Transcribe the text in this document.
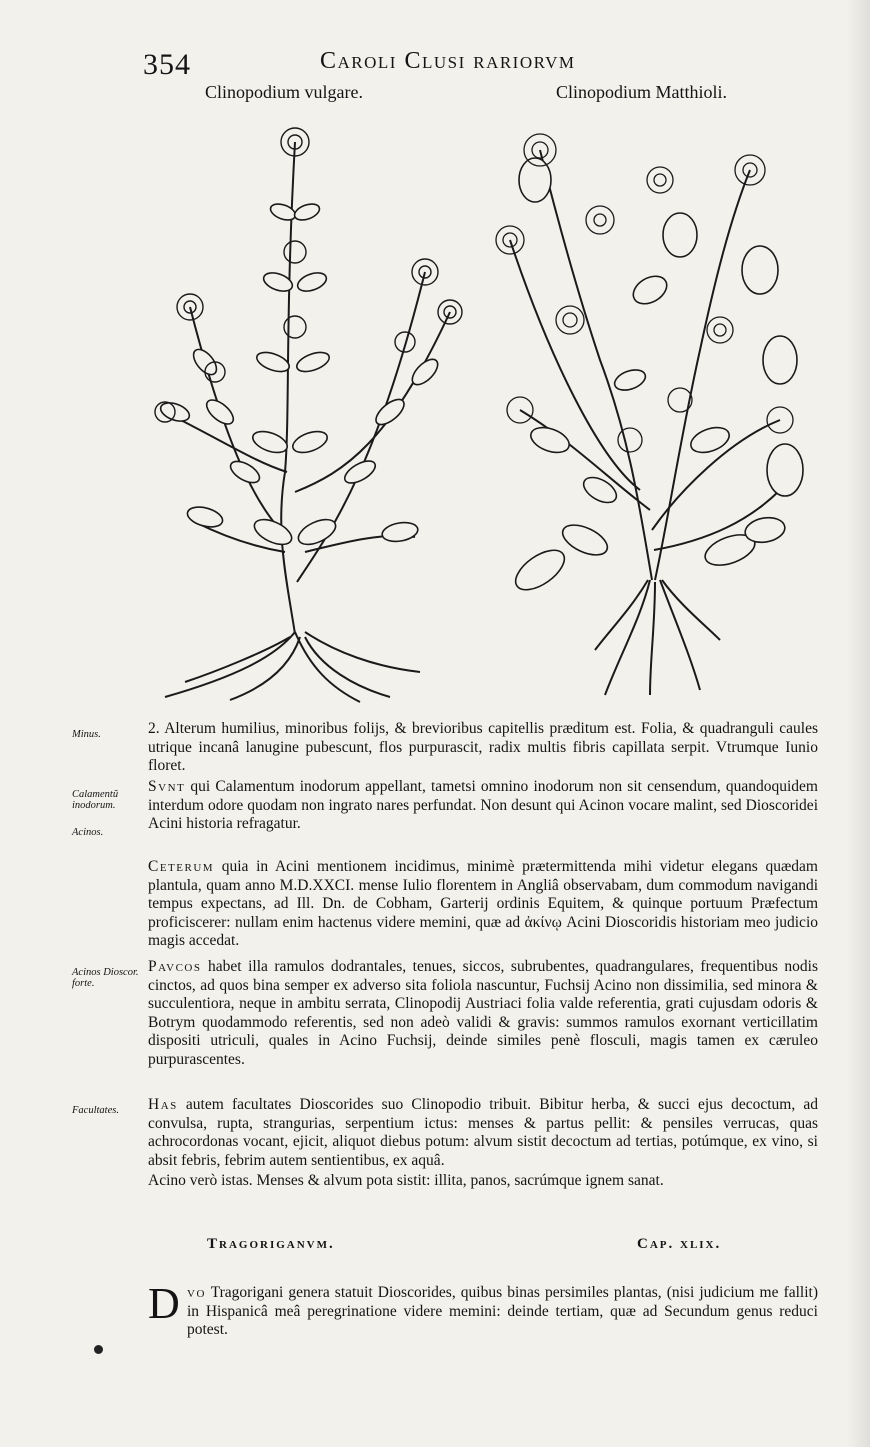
354	Caroli Clusi rariorvm
Clinopodium vulgare.	Clinopodium Matthioli.
Minus.
Calamentũ inodorum.
Acinos.
Acinos Dioscor. forte.
Facultates.
2. Alterum humilius, minoribus folijs, & brevioribus capitellis præditum est. Folia, & quadranguli caules utrique incanâ lanugine pubescunt, flos purpurascit, radix multis fibris capillata serpit. Vtrumque Iunio floret.
Svnt qui Calamentum inodorum appellant, tametsi omnino inodorum non sit censendum, quandoquidem interdum odore quodam non ingrato nares perfundat. Non desunt qui Acinon vocare malint, sed Dioscoridei Acini historia refragatur.
Ceterum quia in Acini mentionem incidimus, minimè prætermittenda mihi videtur elegans quædam plantula, quam anno M.D.XXCI. mense Iulio florentem in Angliâ observabam, dum commodum navigandi tempus expectans, ad Ill. Dn. de Cobham, Garterij ordinis Equitem, & quinque portuum Præfectum proficiscerer: nullam enim hactenus videre memini, quæ ad ἀκίνῳ Acini Dioscoridis historiam meo judicio magis accedat.
Pavcos habet illa ramulos dodrantales, tenues, siccos, subrubentes, quadrangulares, frequentibus nodis cinctos, ad quos bina semper ex adverso sita foliola nascuntur, Fuchsij Acino non dissimilia, sed minora & succulentiora, neque in ambitu serrata, Clinopodij Austriaci folia valde referentia, grati cujusdam odoris & Botrym quodammodo referentis, sed non adeò validi & gravis: summos ramulos exornant verticillatim dispositi utriculi, quales in Acino Fuchsij, deinde similes penè flosculi, magis tamen ex cæruleo purpurascentes.
Has autem facultates Dioscorides suo Clinopodio tribuit. Bibitur herba, & succi ejus decoctum, ad convulsa, rupta, strangurias, serpentium ictus: menses & partus pellit: & pensiles verrucas, quas achrocordonas vocant, ejicit, aliquot diebus potum: alvum sistit decoctum ad tertias, potúmque, ex vino, si absit febris, febrim autem sentientibus, ex aquâ.
Acino verò istas. Menses & alvum pota sistit: illita, panos, sacrúmque ignem sanat.
Tragoriganvm.	Cap. xlix.
D vo Tragorigani genera statuit Dioscorides, quibus binas persimiles plantas, (nisi judicium me fallit) in Hispanicâ meâ peregrinatione videre memini: deinde tertiam, quæ ad Secundum genus reduci potest.
